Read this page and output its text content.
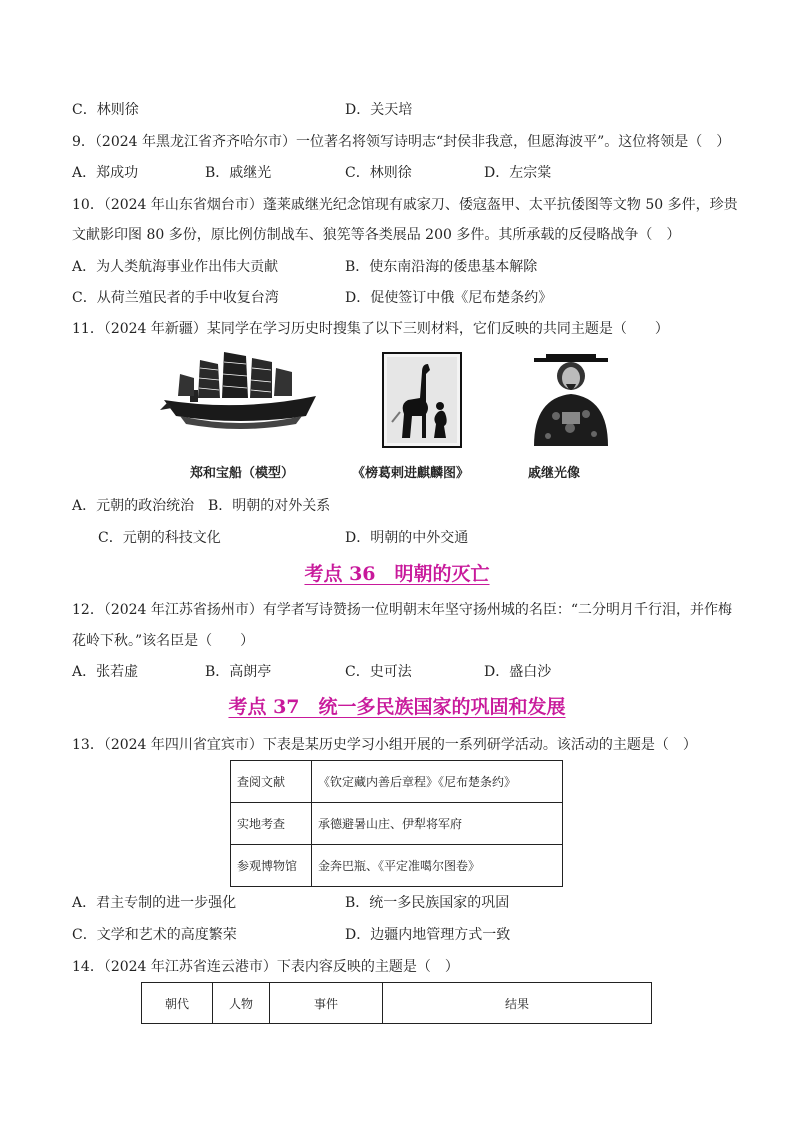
C．林则徐	D．关天培
9．（2024 年黑龙江省齐齐哈尔市）一位著名将领写诗明志“封侯非我意，但愿海波平”。这位将领是（　）
A．郑成功	B．戚继光	C．林则徐	D．左宗棠
10．（2024 年山东省烟台市）蓬莱戚继光纪念馆现有戚家刀、倭寇盔甲、太平抗倭图等文物 50 多件，珍贵
文献影印图 80 多份，原比例仿制战车、狼筅等各类展品 200 多件。其所承载的反侵略战争（　）
A．为人类航海事业作出伟大贡献	B．使东南沿海的倭患基本解除
C．从荷兰殖民者的手中收复台湾	D．促使签订中俄《尼布楚条约》
11．（2024 年新疆）某同学在学习历史时搜集了以下三则材料，它们反映的共同主题是（　　）
郑和宝船（模型）	《榜葛剌进麒麟图》	戚继光像
A．元朝的政治统治 B．明朝的对外关系
C．元朝的科技文化	D．明朝的中外交通
考点 36　明朝的灭亡
12．（2024 年江苏省扬州市）有学者写诗赞扬一位明朝末年坚守扬州城的名臣：“二分明月千行泪，并作梅
花岭下秋。”该名臣是（　　）
A．张若虚	B．高朗亭	C．史可法	D．盛白沙
考点 37　统一多民族国家的巩固和发展
13．（2024 年四川省宜宾市）下表是某历史学习小组开展的一系列研学活动。该活动的主题是（　）
查阅文献	《钦定藏内善后章程》《尼布楚条约》
实地考查	承德避暑山庄、伊犁将军府
参观博物馆	金奔巴瓶、《平定准噶尔图卷》
A．君主专制的进一步强化	B．统一多民族国家的巩固
C．文学和艺术的高度繁荣	D．边疆内地管理方式一致
14．（2024 年江苏省连云港市）下表内容反映的主题是（　）
朝代	人物	事件	结果
